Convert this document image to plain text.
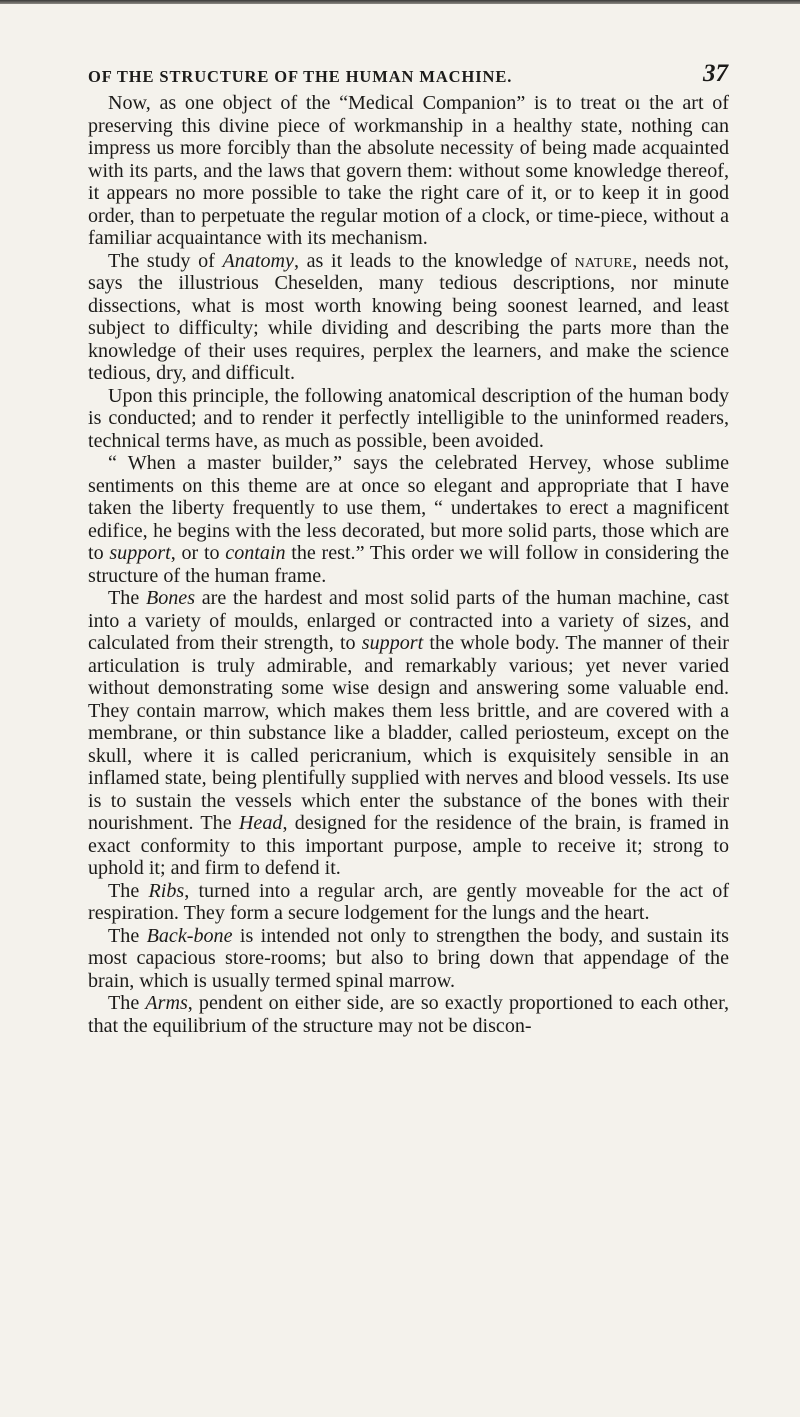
OF THE STRUCTURE OF THE HUMAN MACHINE.	37

Now, as one object of the “Medical Companion” is to treat oı the art of preserving this divine piece of workmanship in a healthy state, nothing can impress us more forcibly than the absolute necessity of being made acquainted with its parts, and the laws that govern them: without some knowledge thereof, it appears no more possible to take the right care of it, or to keep it in good order, than to perpetuate the regular motion of a clock, or time-piece, without a familiar acquaintance with its mechanism.

The study of Anatomy, as it leads to the knowledge of nature, needs not, says the illustrious Cheselden, many tedious descriptions, nor minute dissections, what is most worth knowing being soonest learned, and least subject to difficulty; while dividing and describing the parts more than the knowledge of their uses requires, perplex the learners, and make the science tedious, dry, and difficult.

Upon this principle, the following anatomical description of the human body is conducted; and to render it perfectly intelligible to the uninformed readers, technical terms have, as much as possible, been avoided.

“ When a master builder,” says the celebrated Hervey, whose sublime sentiments on this theme are at once so elegant and appropriate that I have taken the liberty frequently to use them, “ undertakes to erect a magnificent edifice, he begins with the less decorated, but more solid parts, those which are to support, or to contain the rest.” This order we will follow in considering the structure of the human frame.

The Bones are the hardest and most solid parts of the human machine, cast into a variety of moulds, enlarged or contracted into a variety of sizes, and calculated from their strength, to support the whole body. The manner of their articulation is truly admirable, and remarkably various; yet never varied without demonstrating some wise design and answering some valuable end. They contain marrow, which makes them less brittle, and are covered with a membrane, or thin substance like a bladder, called periosteum, except on the skull, where it is called pericranium, which is exquisitely sensible in an inflamed state, being plentifully supplied with nerves and blood vessels. Its use is to sustain the vessels which enter the substance of the bones with their nourishment. The Head, designed for the residence of the brain, is framed in exact conformity to this important purpose, ample to receive it; strong to uphold it; and firm to defend it.

The Ribs, turned into a regular arch, are gently moveable for the act of respiration. They form a secure lodgement for the lungs and the heart.

The Back-bone is intended not only to strengthen the body, and sustain its most capacious store-rooms; but also to bring down that appendage of the brain, which is usually termed spinal marrow.

The Arms, pendent on either side, are so exactly proportioned to each other, that the equilibrium of the structure may not be discon-
